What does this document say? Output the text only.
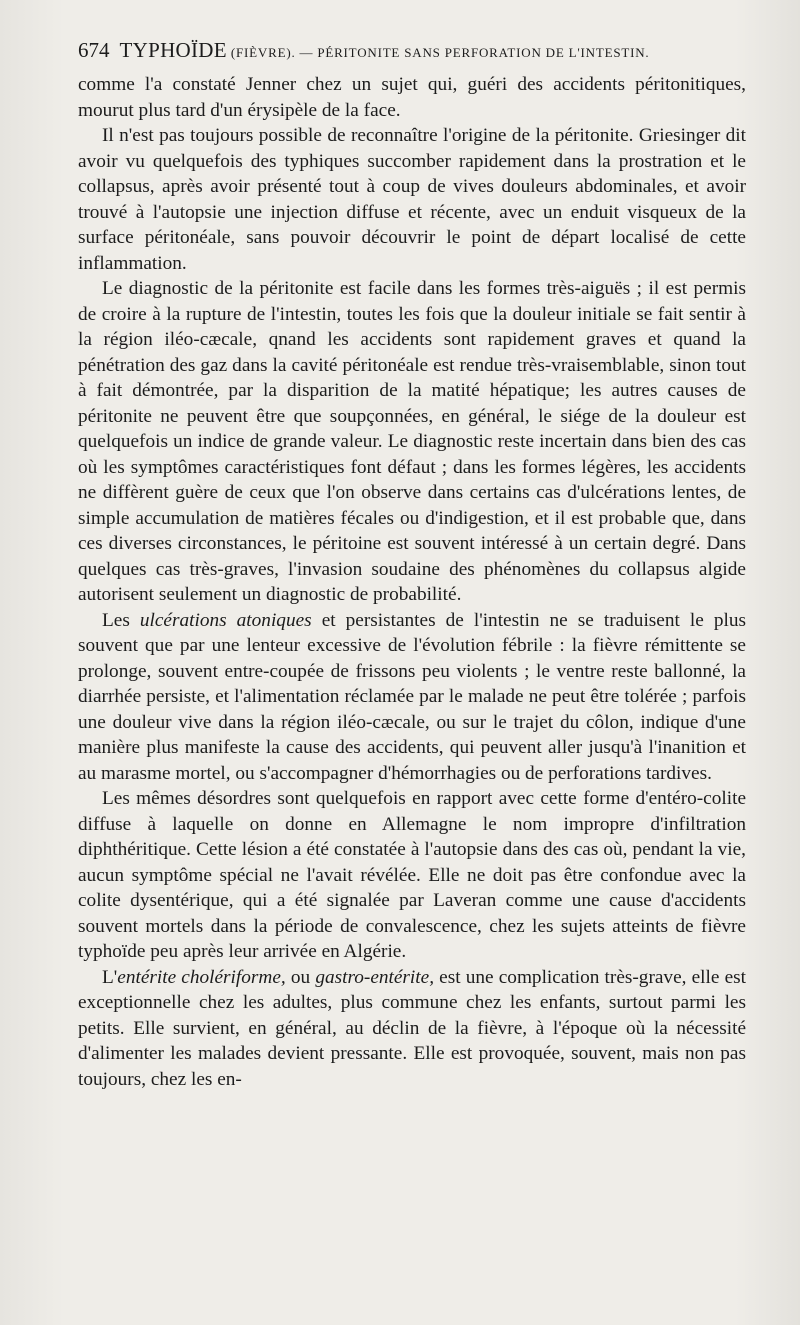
674 TYPHOÏDE (FIÈVRE). — PÉRITONITE SANS PERFORATION DE L'INTESTIN.

comme l'a constaté Jenner chez un sujet qui, guéri des accidents péritonitiques, mourut plus tard d'un érysipèle de la face.

Il n'est pas toujours possible de reconnaître l'origine de la péritonite. Griesinger dit avoir vu quelquefois des typhiques succomber rapidement dans la prostration et le collapsus, après avoir présenté tout à coup de vives douleurs abdominales, et avoir trouvé à l'autopsie une injection diffuse et récente, avec un enduit visqueux de la surface péritonéale, sans pouvoir découvrir le point de départ localisé de cette inflammation.

Le diagnostic de la péritonite est facile dans les formes très-aiguës ; il est permis de croire à la rupture de l'intestin, toutes les fois que la douleur initiale se fait sentir à la région iléo-cæcale, qnand les accidents sont rapidement graves et quand la pénétration des gaz dans la cavité péritonéale est rendue très-vraisemblable, sinon tout à fait démontrée, par la disparition de la matité hépatique; les autres causes de péritonite ne peuvent être que soupçonnées, en général, le siége de la douleur est quelquefois un indice de grande valeur. Le diagnostic reste incertain dans bien des cas où les symptômes caractéristiques font défaut ; dans les formes légères, les accidents ne diffèrent guère de ceux que l'on observe dans certains cas d'ulcérations lentes, de simple accumulation de matières fécales ou d'indigestion, et il est probable que, dans ces diverses circonstances, le péritoine est souvent intéressé à un certain degré. Dans quelques cas très-graves, l'invasion soudaine des phénomènes du collapsus algide autorisent seulement un diagnostic de probabilité.

Les ulcérations atoniques et persistantes de l'intestin ne se traduisent le plus souvent que par une lenteur excessive de l'évolution fébrile : la fièvre rémittente se prolonge, souvent entre-coupée de frissons peu violents ; le ventre reste ballonné, la diarrhée persiste, et l'alimentation réclamée par le malade ne peut être tolérée ; parfois une douleur vive dans la région iléo-cæcale, ou sur le trajet du côlon, indique d'une manière plus manifeste la cause des accidents, qui peuvent aller jusqu'à l'inanition et au marasme mortel, ou s'accompagner d'hémorrhagies ou de perforations tardives.

Les mêmes désordres sont quelquefois en rapport avec cette forme d'entéro-colite diffuse à laquelle on donne en Allemagne le nom impropre d'infiltration diphthéritique. Cette lésion a été constatée à l'autopsie dans des cas où, pendant la vie, aucun symptôme spécial ne l'avait révélée. Elle ne doit pas être confondue avec la colite dysentérique, qui a été signalée par Laveran comme une cause d'accidents souvent mortels dans la période de convalescence, chez les sujets atteints de fièvre typhoïde peu après leur arrivée en Algérie.

L'entérite cholériforme, ou gastro-entérite, est une complication très-grave, elle est exceptionnelle chez les adultes, plus commune chez les enfants, surtout parmi les petits. Elle survient, en général, au déclin de la fièvre, à l'époque où la nécessité d'alimenter les malades devient pressante. Elle est provoquée, souvent, mais non pas toujours, chez les en-
